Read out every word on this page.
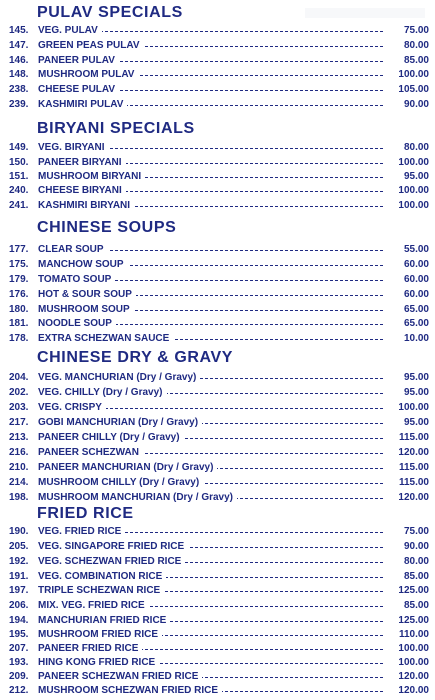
PULAV SPECIALS
145. VEG. PULAV	75.00
147. GREEN PEAS PULAV	80.00
146. PANEER PULAV	85.00
148. MUSHROOM PULAV	100.00
238. CHEESE PULAV	105.00
239. KASHMIRI PULAV	90.00
BIRYANI SPECIALS
149. VEG. BIRYANI	80.00
150. PANEER BIRYANI	100.00
151. MUSHROOM BIRYANI	95.00
240. CHEESE BIRYANI	100.00
241. KASHMIRI BIRYANI	100.00
CHINESE SOUPS
177. CLEAR SOUP	55.00
175. MANCHOW SOUP	60.00
179. TOMATO SOUP	60.00
176. HOT & SOUR SOUP	60.00
180. MUSHROOM SOUP	65.00
181. NOODLE SOUP	65.00
178. EXTRA SCHEZWAN SAUCE	10.00
CHINESE DRY & GRAVY
204. VEG. MANCHURIAN (Dry / Gravy)	95.00
202. VEG. CHILLY (Dry / Gravy)	95.00
203. VEG. CRISPY	100.00
217. GOBI MANCHURIAN (Dry / Gravy)	95.00
213. PANEER CHILLY (Dry / Gravy)	115.00
216. PANEER SCHEZWAN	120.00
210. PANEER MANCHURIAN (Dry / Gravy)	115.00
214. MUSHROOM CHILLY (Dry / Gravy)	115.00
198. MUSHROOM MANCHURIAN (Dry / Gravy)	120.00
FRIED RICE
190. VEG. FRIED RICE	75.00
205. VEG. SINGAPORE FRIED RICE	90.00
192. VEG. SCHEZWAN FRIED RICE	80.00
191. VEG. COMBINATION RICE	85.00
197. TRIPLE SCHEZWAN RICE	125.00
206. MIX. VEG. FRIED RICE	85.00
194. MANCHURIAN FRIED RICE	125.00
195. MUSHROOM FRIED RICE	110.00
207. PANEER FRIED RICE	100.00
193. HING KONG FRIED RICE	100.00
209. PANEER SCHEZWAN FRIED RICE	120.00
212. MUSHROOM SCHEZWAN FRIED RICE	120.00
